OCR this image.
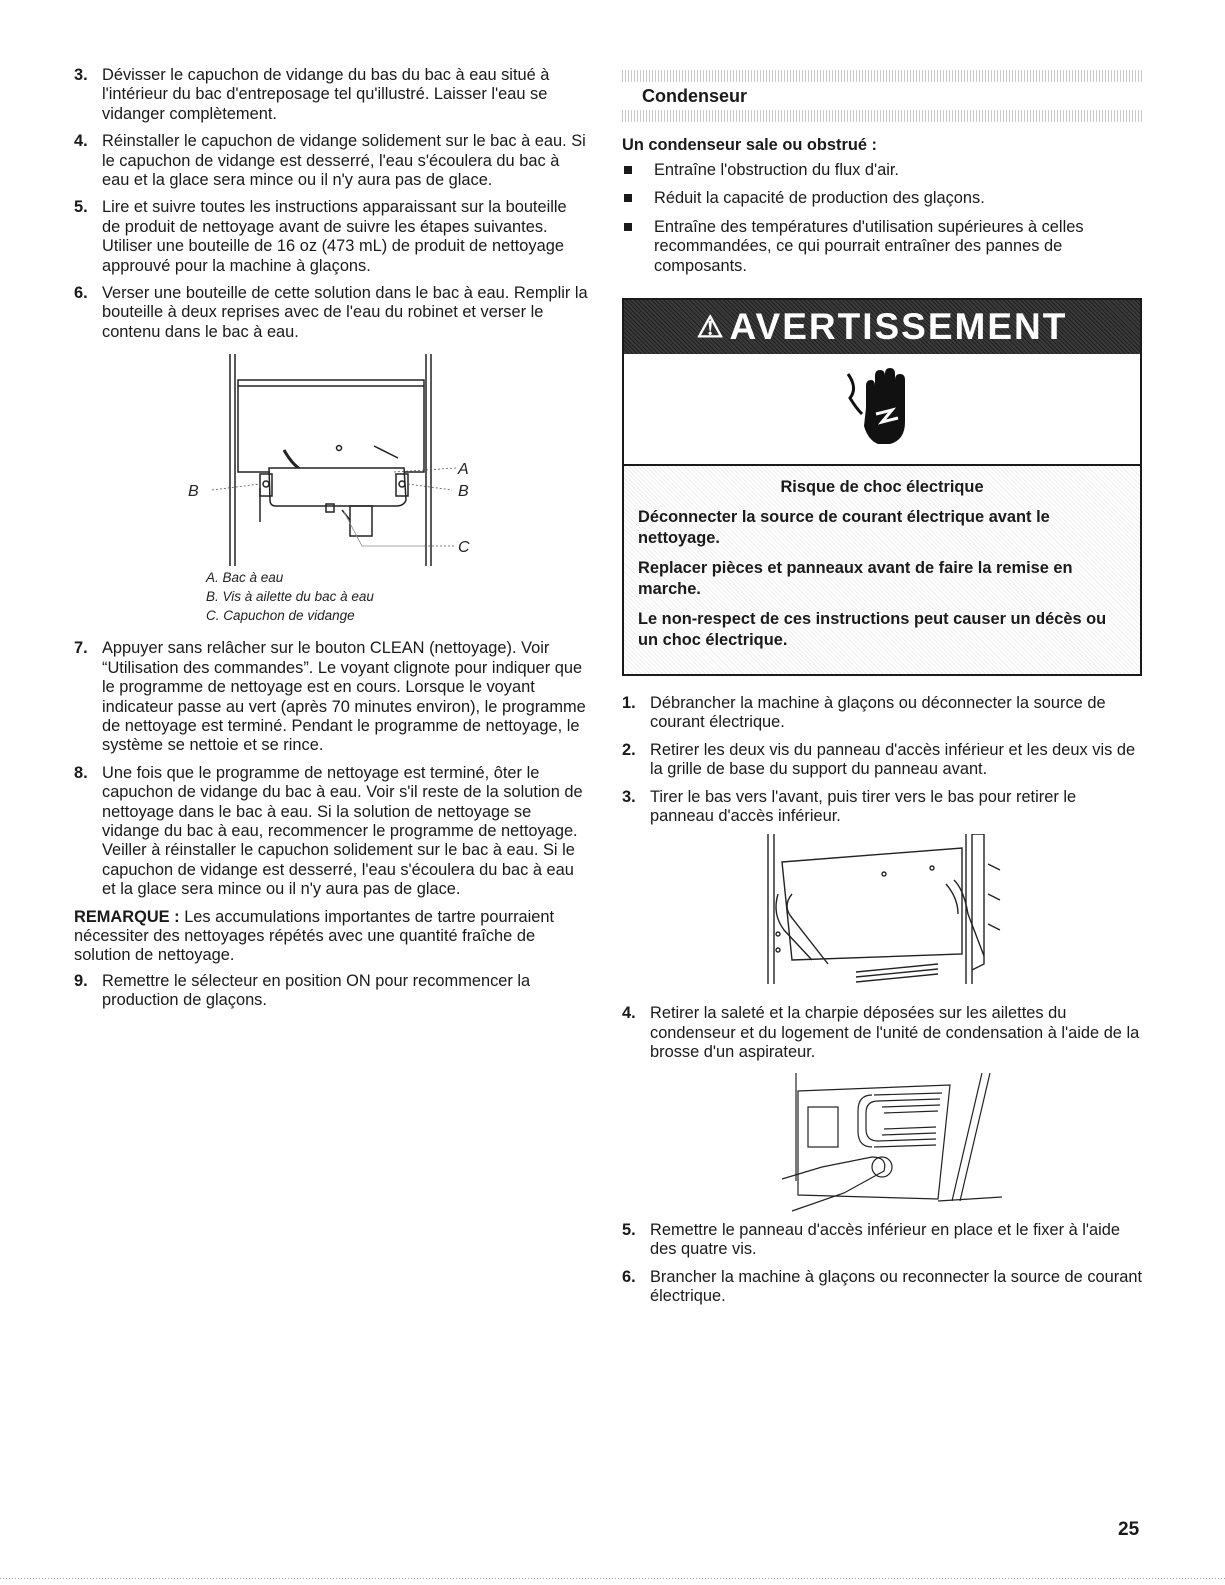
3. Dévisser le capuchon de vidange du bas du bac à eau situé à l'intérieur du bac d'entreposage tel qu'illustré. Laisser l'eau se vidanger complètement.
4. Réinstaller le capuchon de vidange solidement sur le bac à eau. Si le capuchon de vidange est desserré, l'eau s'écoulera du bac à eau et la glace sera mince ou il n'y aura pas de glace.
5. Lire et suivre toutes les instructions apparaissant sur la bouteille de produit de nettoyage avant de suivre les étapes suivantes. Utiliser une bouteille de 16 oz (473 mL) de produit de nettoyage approuvé pour la machine à glaçons.
6. Verser une bouteille de cette solution dans le bac à eau. Remplir la bouteille à deux reprises avec de l'eau du robinet et verser le contenu dans le bac à eau.
B
A
B
C
A. Bac à eau
B. Vis à ailette du bac à eau
C. Capuchon de vidange
7. Appuyer sans relâcher sur le bouton CLEAN (nettoyage). Voir “Utilisation des commandes”. Le voyant clignote pour indiquer que le programme de nettoyage est en cours. Lorsque le voyant indicateur passe au vert (après 70 minutes environ), le programme de nettoyage est terminé. Pendant le programme de nettoyage, le système se nettoie et se rince.
8. Une fois que le programme de nettoyage est terminé, ôter le capuchon de vidange du bac à eau. Voir s'il reste de la solution de nettoyage dans le bac à eau. Si la solution de nettoyage se vidange du bac à eau, recommencer le programme de nettoyage. Veiller à réinstaller le capuchon solidement sur le bac à eau. Si le capuchon de vidange est desserré, l'eau s'écoulera du bac à eau et la glace sera mince ou il n'y aura pas de glace.

REMARQUE : Les accumulations importantes de tartre pourraient nécessiter des nettoyages répétés avec une quantité fraîche de solution de nettoyage.

9. Remettre le sélecteur en position ON pour recommencer la production de glaçons.
Condenseur
Un condenseur sale ou obstrué :
Entraîne l'obstruction du flux d'air.
Réduit la capacité de production des glaçons.
Entraîne des températures d'utilisation supérieures à celles recommandées, ce qui pourrait entraîner des pannes de composants.
⚠ AVERTISSEMENT
Risque de choc électrique
Déconnecter la source de courant électrique avant le nettoyage.
Replacer pièces et panneaux avant de faire la remise en marche.
Le non-respect de ces instructions peut causer un décès ou un choc électrique.
1. Débrancher la machine à glaçons ou déconnecter la source de courant électrique.
2. Retirer les deux vis du panneau d'accès inférieur et les deux vis de la grille de base du support du panneau avant.
3. Tirer le bas vers l'avant, puis tirer vers le bas pour retirer le panneau d'accès inférieur.
4. Retirer la saleté et la charpie déposées sur les ailettes du condenseur et du logement de l'unité de condensation à l'aide de la brosse d'un aspirateur.
5. Remettre le panneau d'accès inférieur en place et le fixer à l'aide des quatre vis.
6. Brancher la machine à glaçons ou reconnecter la source de courant électrique.
25
